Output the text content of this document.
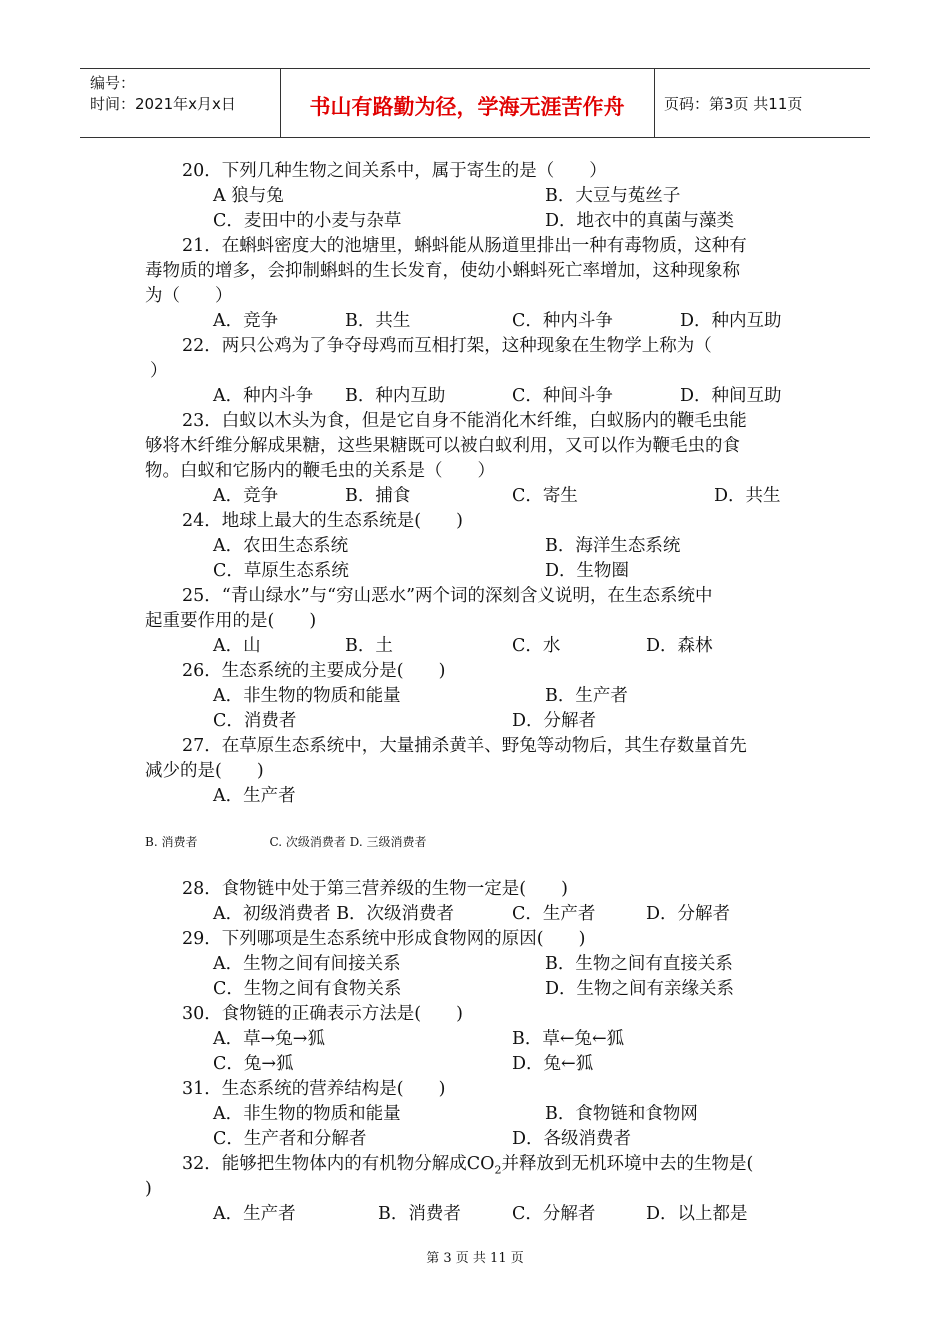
编号：
时间：2021年x月x日	书山有路勤为径，学海无涯苦作舟	页码：第3页 共11页
20．下列几种生物之间关系中，属于寄生的是（　　）
A 狼与兔	B．大豆与菟丝子
C．麦田中的小麦与杂草	D．地衣中的真菌与藻类
21．在蝌蚪密度大的池塘里，蝌蚪能从肠道里排出一种有毒物质，这种有
毒物质的增多，会抑制蝌蚪的生长发育，使幼小蝌蚪死亡率增加，这种现象称
为（　　）
A．竞争	B．共生	C．种内斗争	D．种内互助
22．两只公鸡为了争夺母鸡而互相打架，这种现象在生物学上称为（
）
A．种内斗争 B．种内互助	C．种间斗争	D．种间互助
23．白蚁以木头为食，但是它自身不能消化木纤维，白蚁肠内的鞭毛虫能
够将木纤维分解成果糖，这些果糖既可以被白蚁利用，又可以作为鞭毛虫的食
物。白蚁和它肠内的鞭毛虫的关系是（　　）
A．竞争	B．捕食	C．寄生	D．共生
24．地球上最大的生态系统是(　　)
A．农田生态系统	B．海洋生态系统
C．草原生态系统	D．生物圈
25．“青山绿水”与“穷山恶水”两个词的深刻含义说明，在生态系统中
起重要作用的是(　　)
A．山	B．土	C．水	D．森林
26．生态系统的主要成分是(　　)
A．非生物的物质和能量	B．生产者
C．消费者	D．分解者
27．在草原生态系统中，大量捕杀黄羊、野兔等动物后，其生存数量首先
减少的是(　　)
A．生产者
B. 消费者　　　　　　C. 次级消费者 D. 三级消费者
28．食物链中处于第三营养级的生物一定是(　　)
A．初级消费者 B．次级消费者	C．生产者	D．分解者
29．下列哪项是生态系统中形成食物网的原因(　　)
A．生物之间有间接关系	B．生物之间有直接关系
C．生物之间有食物关系	D．生物之间有亲缘关系
30．食物链的正确表示方法是(　　)
A．草→兔→狐	B．草←兔←狐
C．兔→狐	D．兔←狐
31．生态系统的营养结构是(　　)
A．非生物的物质和能量	B．食物链和食物网
C．生产者和分解者	D．各级消费者
32．能够把生物体内的有机物分解成$CO_2$并释放到无机环境中去的生物是(
)
A．生产者	B．消费者	C．分解者	D．以上都是
第 3 页 共 11 页
